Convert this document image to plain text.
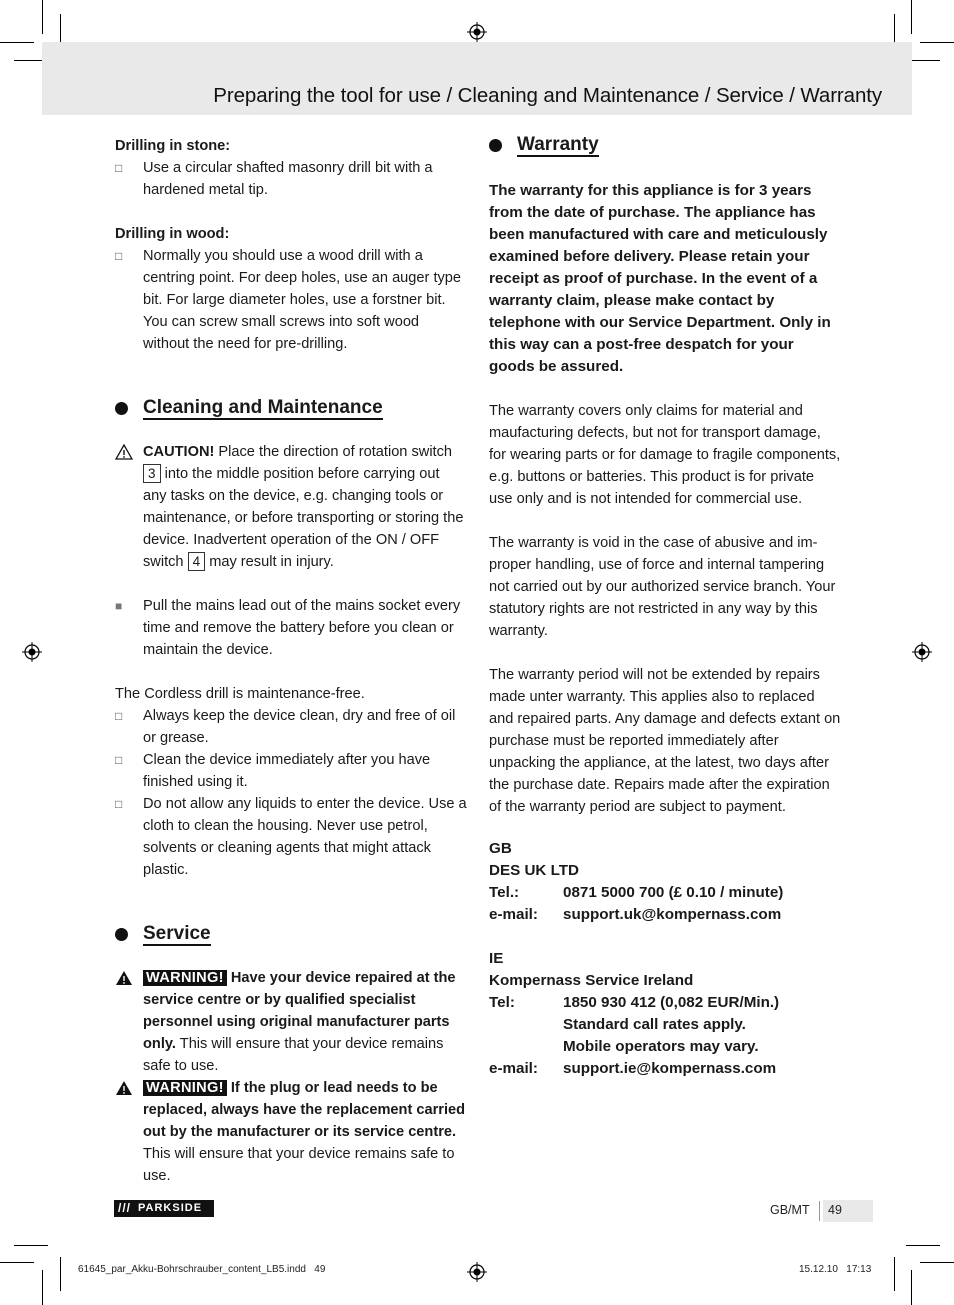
Preparing the tool for use / Cleaning and Maintenance / Service / Warranty

Drilling in stone:

□ Use a circular shafted masonry drill bit with a hardened metal tip.

Drilling in wood:

□ Normally you should use a wood drill with a centring point. For deep holes, use an auger type bit. For large diameter holes, use a forstner bit. You can screw small screws into soft wood without the need for pre-drilling.

Cleaning and Maintenance

CAUTION! Place the direction of rotation switch 3 into the middle position before carrying out any tasks on the device, e.g. changing tools or maintenance, or before transporting or storing the device. Inadvertent operation of the ON / OFF switch 4 may result in injury.

■ Pull the mains lead out of the mains socket every time and remove the battery before you clean or maintain the device.

The Cordless drill is maintenance-free.

□ Always keep the device clean, dry and free of oil or grease.

□ Clean the device immediately after you have finished using it.

□ Do not allow any liquids to enter the device. Use a cloth to clean the housing. Never use petrol, solvents or cleaning agents that might attack plastic.

Service

WARNING! Have your device repaired at the service centre or by qualified specialist personnel using original manufacturer parts only. This will ensure that your device remains safe to use.

WARNING! If the plug or lead needs to be replaced, always have the replacement carried out by the manufacturer or its service centre. This will ensure that your device remains safe to use.

Warranty

The warranty for this appliance is for 3 years from the date of purchase. The appliance has been manufactured with care and meticulously examined before delivery. Please retain your receipt as proof of purchase. In the event of a warranty claim, please make contact by telephone with our Service Department. Only in this way can a post-free despatch for your goods be assured.

The warranty covers only claims for material and maufacturing defects, but not for transport damage, for wearing parts or for damage to fragile components, e.g. buttons or batteries. This product is for private use only and is not intended for commercial use.

The warranty is void in the case of abusive and improper handling, use of force and internal tampering not carried out by our authorized service branch. Your statutory rights are not restricted in any way by this warranty.

The warranty period will not be extended by repairs made unter warranty. This applies also to replaced and repaired parts. Any damage and defects extant on purchase must be reported immediately after unpacking the appliance, at the latest, two days after the purchase date. Repairs made after the expiration of the warranty period are subject to payment.

GB

DES UK LTD

Tel.:	0871 5000 700 (£ 0.10 / minute)
e-mail:	support.uk@kompernass.com

IE

Kompernass Service Ireland

Tel:	1850 930 412 (0,082 EUR/Min.)
Standard call rates apply.
Mobile operators may vary.
e-mail:	support.ie@kompernass.com
/// PARKSIDE	GB/MT 49
61645_par_Akku-Bohrschrauber_content_LB5.indd   49	15.12.10   17:13
